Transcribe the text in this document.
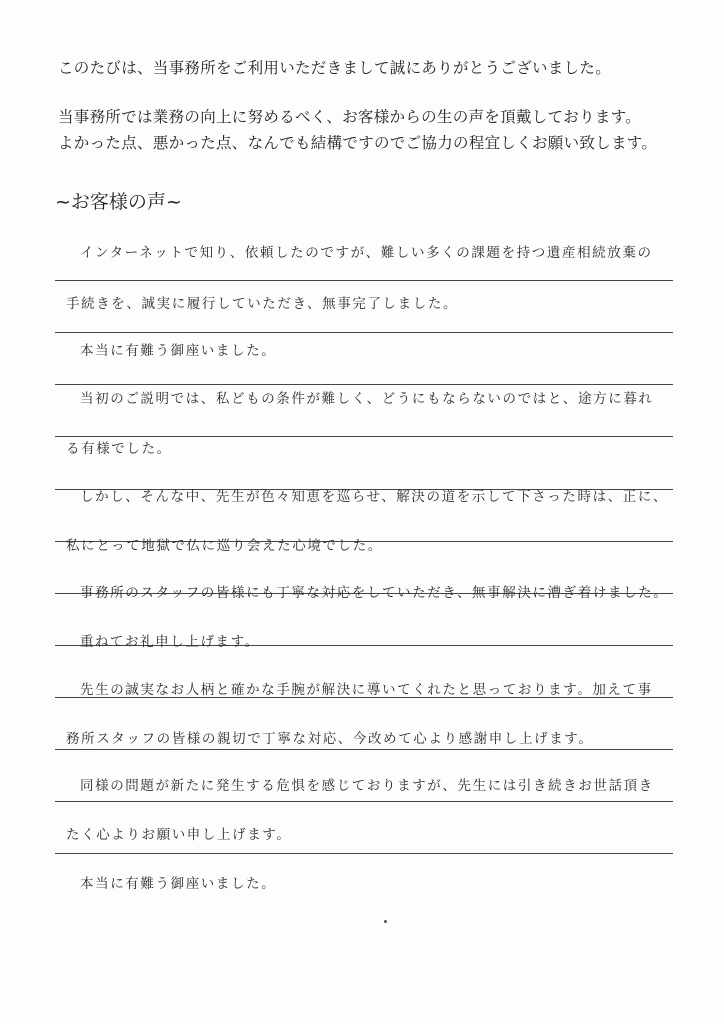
このたびは、当事務所をご利用いただきまして誠にありがとうございました。
当事務所では業務の向上に努めるべく、お客様からの生の声を頂戴しております。
よかった点、悪かった点、なんでも結構ですのでご協力の程宜しくお願い致します。
~お客様の声~
インターネットで知り、依頼したのですが、難しい多くの課題を持つ遺産相続放棄の
手続きを、誠実に履行していただき、無事完了しました。
本当に有難う御座いました。
当初のご説明では、私どもの条件が難しく、どうにもならないのではと、途方に暮れ
る有様でした。
しかし、そんな中、先生が色々知恵を巡らせ、解決の道を示して下さった時は、正に、
私にとって地獄で仏に巡り会えた心境でした。
事務所のスタッフの皆様にも丁寧な対応をしていただき、無事解決に漕ぎ着けました。
重ねてお礼申し上げます。
先生の誠実なお人柄と確かな手腕が解決に導いてくれたと思っております。加えて事
務所スタッフの皆様の親切で丁寧な対応、今改めて心より感謝申し上げます。
同様の問題が新たに発生する危惧を感じておりますが、先生には引き続きお世話頂き
たく心よりお願い申し上げます。
本当に有難う御座いました。
